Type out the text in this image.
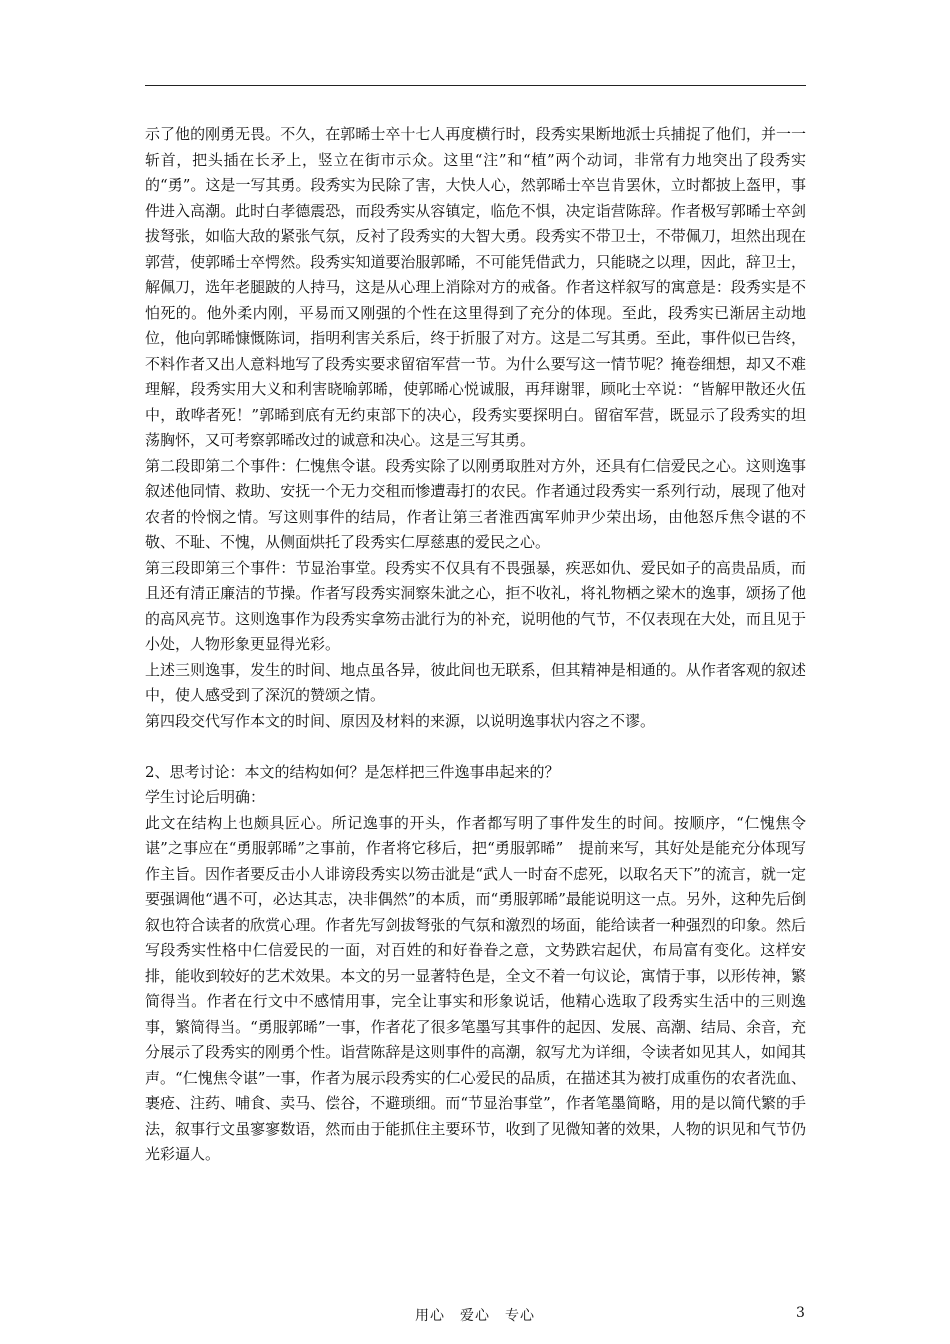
示了他的刚勇无畏。不久，在郭晞士卒十七人再度横行时，段秀实果断地派士兵捕捉了他们，并一一斩首，把头插在长矛上，竖立在街市示众。这里“注”和“植”两个动词，非常有力地突出了段秀实的“勇”。这是一写其勇。段秀实为民除了害，大快人心，然郭晞士卒岂肯罢休，立时都披上盔甲，事件进入高潮。此时白孝德震恐，而段秀实从容镇定，临危不惧，决定诣营陈辞。作者极写郭晞士卒剑拔弩张，如临大敌的紧张气氛，反衬了段秀实的大智大勇。段秀实不带卫士，不带佩刀，坦然出现在郭营，使郭晞士卒愕然。段秀实知道要治服郭晞，不可能凭借武力，只能晓之以理，因此，辞卫士，解佩刀，选年老腿跛的人持马，这是从心理上消除对方的戒备。作者这样叙写的寓意是：段秀实是不怕死的。他外柔内刚，平易而又刚强的个性在这里得到了充分的体现。至此，段秀实已渐居主动地位，他向郭晞慷慨陈词，指明利害关系后，终于折服了对方。这是二写其勇。至此，事件似已告终，不料作者又出人意料地写了段秀实要求留宿军营一节。为什么要写这一情节呢？掩卷细想，却又不难理解，段秀实用大义和利害晓喻郭晞，使郭晞心悦诚服，再拜谢罪，顾叱士卒说：“皆解甲散还火伍中，敢哗者死！”郭晞到底有无约束部下的决心，段秀实要探明白。留宿军营，既显示了段秀实的坦荡胸怀，又可考察郭晞改过的诚意和决心。这是三写其勇。

第二段即第二个事件：仁愧焦令谌。段秀实除了以刚勇取胜对方外，还具有仁信爱民之心。这则逸事叙述他同情、救助、安抚一个无力交租而惨遭毒打的农民。作者通过段秀实一系列行动，展现了他对农者的怜悯之情。写这则事件的结局，作者让第三者淮西寓军帅尹少荣出场，由他怒斥焦令谌的不敬、不耻、不愧，从侧面烘托了段秀实仁厚慈惠的爱民之心。

第三段即第三个事件：节显治事堂。段秀实不仅具有不畏强暴，疾恶如仇、爱民如子的高贵品质，而且还有清正廉洁的节操。作者写段秀实洞察朱泚之心，拒不收礼，将礼物栖之梁木的逸事，颂扬了他的高风亮节。这则逸事作为段秀实拿笏击泚行为的补充，说明他的气节，不仅表现在大处，而且见于小处，人物形象更显得光彩。

上述三则逸事，发生的时间、地点虽各异，彼此间也无联系，但其精神是相通的。从作者客观的叙述中，使人感受到了深沉的赞颂之情。

第四段交代写作本文的时间、原因及材料的来源，以说明逸事状内容之不谬。

2、思考讨论：本文的结构如何？是怎样把三件逸事串起来的？

学生讨论后明确：

此文在结构上也颇具匠心。所记逸事的开头，作者都写明了事件发生的时间。按顺序，“仁愧焦令谌”之事应在“勇服郭晞”之事前，作者将它移后，把“勇服郭晞”　提前来写，其好处是能充分体现写作主旨。因作者要反击小人诽谤段秀实以笏击泚是“武人一时奋不虑死，以取名天下”的流言，就一定要强调他“遇不可，必达其志，决非偶然”的本质，而“勇服郭晞”最能说明这一点。另外，这种先后倒叙也符合读者的欣赏心理。作者先写剑拔弩张的气氛和激烈的场面，能给读者一种强烈的印象。然后写段秀实性格中仁信爱民的一面，对百姓的和好眷眷之意，文势跌宕起伏，布局富有变化。这样安排，能收到较好的艺术效果。本文的另一显著特色是，全文不着一句议论，寓情于事，以形传神，繁简得当。作者在行文中不感情用事，完全让事实和形象说话，他精心选取了段秀实生活中的三则逸事，繁简得当。“勇服郭晞”一事，作者花了很多笔墨写其事件的起因、发展、高潮、结局、余音，充分展示了段秀实的刚勇个性。诣营陈辞是这则事件的高潮，叙写尤为详细，令读者如见其人，如闻其声。“仁愧焦令谌”一事，作者为展示段秀实的仁心爱民的品质，在描述其为被打成重伤的农者洗血、裹疮、注药、哺食、卖马、偿谷，不避琐细。而“节显治事堂”，作者笔墨简略，用的是以简代繁的手法，叙事行文虽寥寥数语，然而由于能抓住主要环节，收到了见微知著的效果，人物的识见和气节仍光彩逼人。

用心　爱心　专心	3
